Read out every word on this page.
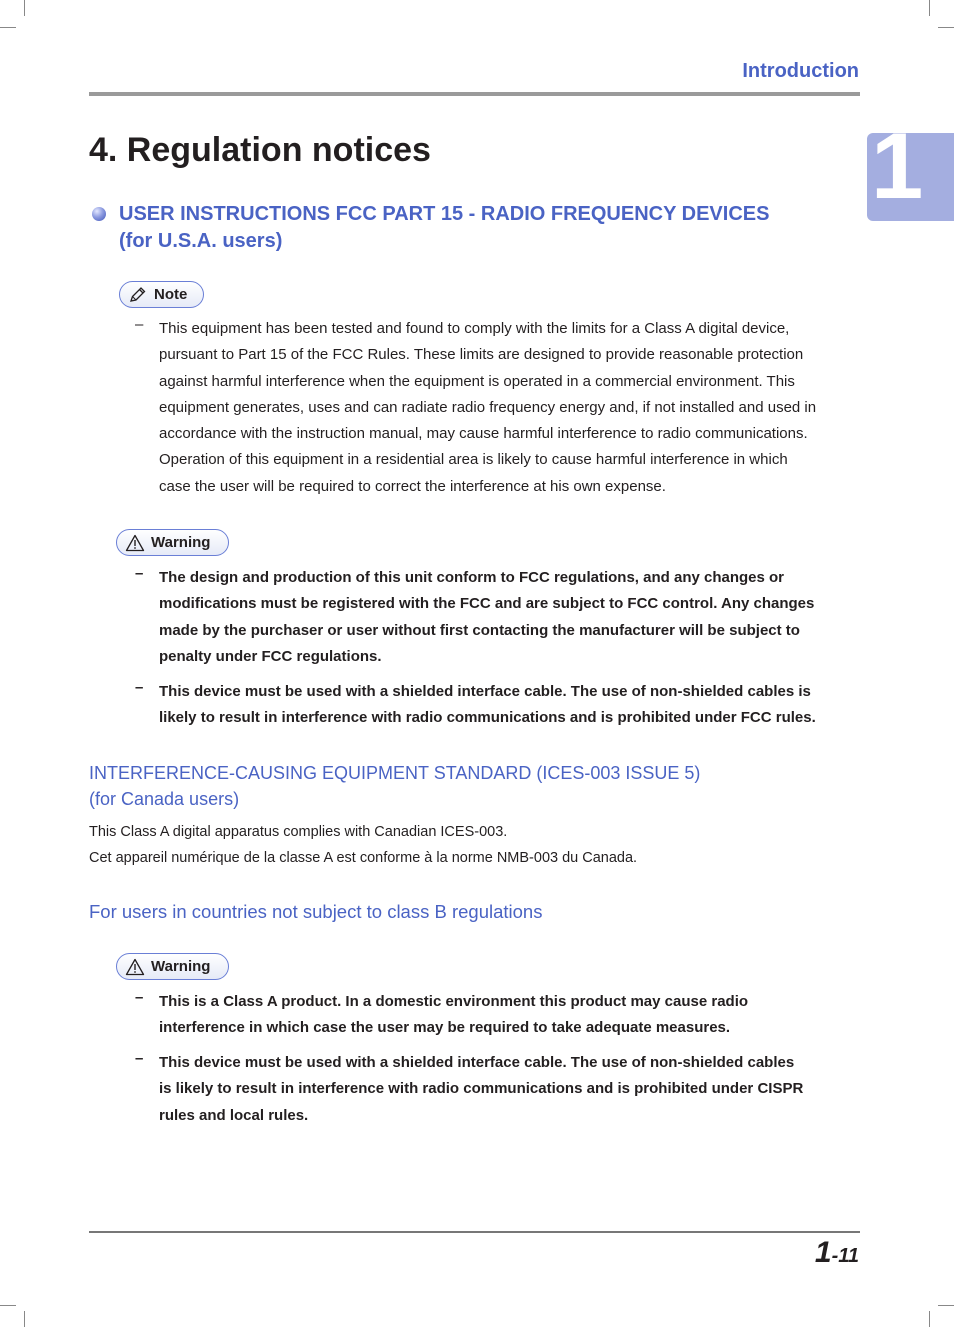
Introduction
1
4. Regulation notices
USER INSTRUCTIONS FCC PART 15 - RADIO FREQUENCY DEVICES
(for U.S.A. users)
Note
– This equipment has been tested and found to comply with the limits for a Class A digital device,
pursuant to Part 15 of the FCC Rules. These limits are designed to provide reasonable protection
against harmful interference when the equipment is operated in a commercial environment. This
equipment generates, uses and can radiate radio frequency energy and, if not installed and used in
accordance with the instruction manual, may cause harmful interference to radio communications.
Operation of this equipment in a residential area is likely to cause harmful interference in which
case the user will be required to correct the interference at his own expense.
Warning
– The design and production of this unit conform to FCC regulations, and any changes or
modifications must be registered with the FCC and are subject to FCC control. Any changes
made by the purchaser or user without first contacting the manufacturer will be subject to
penalty under FCC regulations.
– This device must be used with a shielded interface cable. The use of non-shielded cables is
likely to result in interference with radio communications and is prohibited under FCC rules.
INTERFERENCE-CAUSING EQUIPMENT STANDARD (ICES-003 ISSUE 5)
(for Canada users)
This Class A digital apparatus complies with Canadian ICES-003.
Cet appareil numérique de la classe A est conforme à la norme NMB-003 du Canada.
For users in countries not subject to class B regulations
Warning
– This is a Class A product. In a domestic environment this product may cause radio
interference in which case the user may be required to take adequate measures.
– This device must be used with a shielded interface cable. The use of non-shielded cables
is likely to result in interference with radio communications and is prohibited under CISPR
rules and local rules.
1-11
